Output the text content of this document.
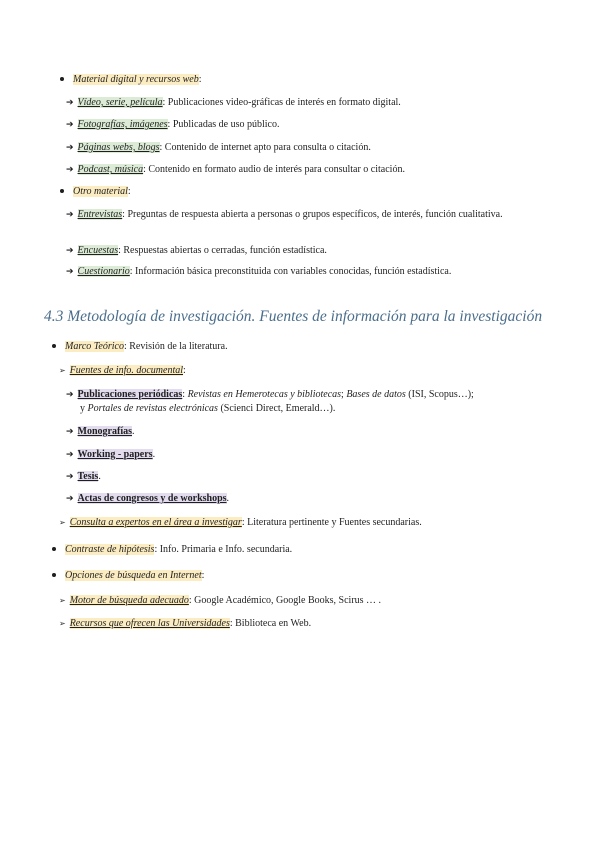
Material digital y recursos web:
➔ Vídeo, serie, película: Publicaciones video-gráficas de interés en formato digital.
➔ Fotografías, imágenes: Publicadas de uso público.
➔ Páginas webs, blogs: Contenido de internet apto para consulta o citación.
➔ Podcast, música: Contenido en formato audio de interés para consultar o citación.
Otro material:
➔ Entrevistas: Preguntas de respuesta abierta a personas o grupos específicos, de interés, función cualitativa.
➔ Encuestas: Respuestas abiertas o cerradas, función estadística.
➔ Cuestionario: Información básica preconstituida con variables conocidas, función estadística.
4.3 Metodología de investigación. Fuentes de información para la investigación
Marco Teórico: Revisión de la literatura.
➢ Fuentes de info. documental:
➔ Publicaciones periódicas: Revistas en Hemerotecas y bibliotecas; Bases de datos (ISI, Scopus…);
y Portales de revistas electrónicas (Scienci Direct, Emerald…).
➔ Monografías.
➔ Working - papers.
➔ Tesis.
➔ Actas de congresos y de workshops.
➢ Consulta a expertos en el área a investigar: Literatura pertinente y Fuentes secundarias.
Contraste de hipótesis: Info. Primaria e Info. secundaria.
Opciones de búsqueda en Internet:
➢ Motor de búsqueda adecuado: Google Académico, Google Books, Scirus … .
➢ Recursos que ofrecen las Universidades: Biblioteca en Web.
